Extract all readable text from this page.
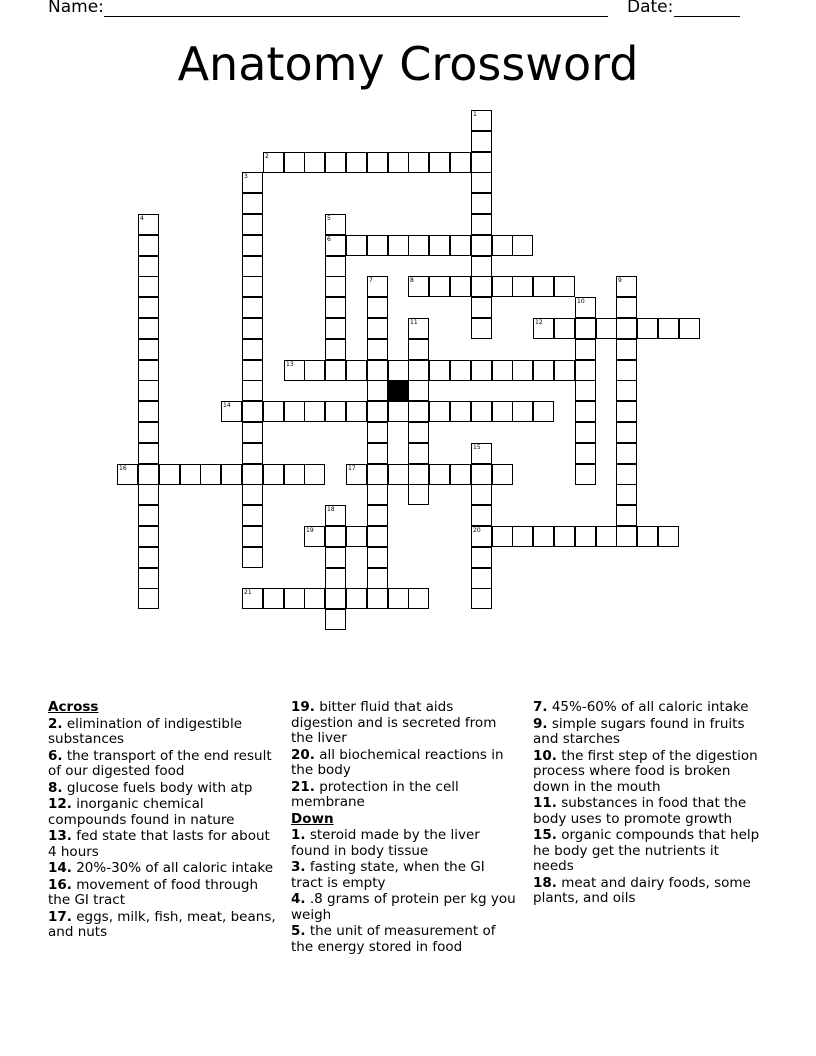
Name:	Date:
Anatomy Crossword
1
2
3
4	5
6
7	8	9
10
11	12
13
14
15
20
16	17
18
19
21
Across
2. elimination of indigestible substances
6. the transport of the end result of our digested food
8. glucose fuels body with atp
12. inorganic chemical compounds found in nature
13. fed state that lasts for about 4 hours
14. 20%-30% of all caloric intake
16. movement of food through the GI tract
17. eggs, milk, fish, meat, beans, and nuts
19. bitter fluid that aids digestion and is secreted from the liver
20. all biochemical reactions in the body
21. protection in the cell membrane
Down
1. steroid made by the liver found in body tissue
3. fasting state, when the GI tract is empty
4. .8 grams of protein per kg you weigh
5. the unit of measurement of the energy stored in food
7. 45%-60% of all caloric intake
9. simple sugars found in fruits and starches
10. the first step of the digestion process where food is broken down in the mouth
11. substances in food that the body uses to promote growth
15. organic compounds that help he body get the nutrients it needs
18. meat and dairy foods, some plants, and oils
